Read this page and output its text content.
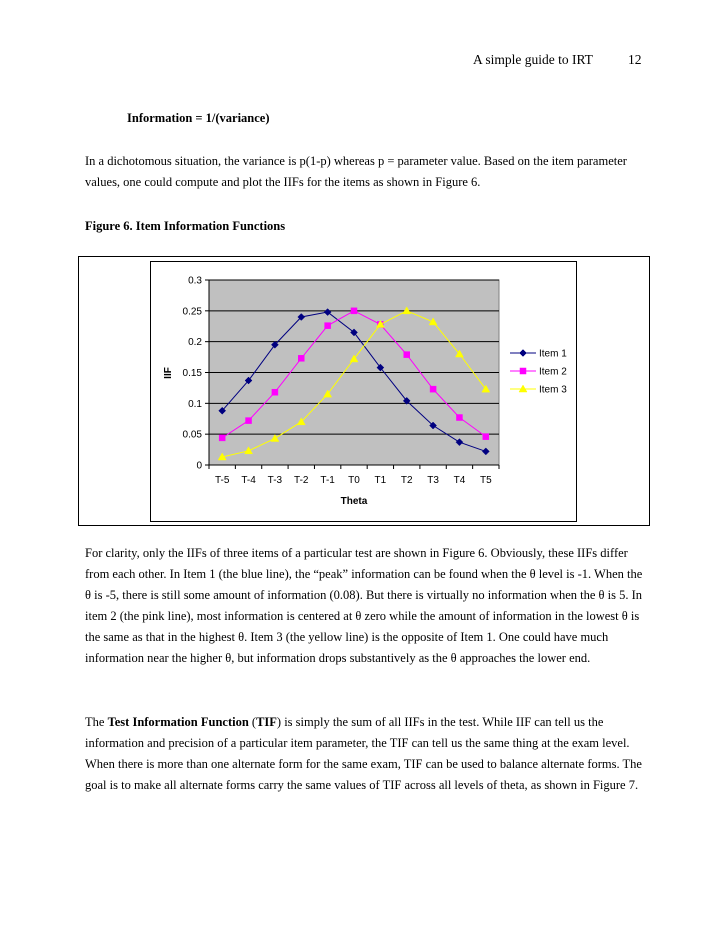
A simple guide to IRT	12
Information = 1/(variance)

In a dichotomous situation, the variance is p(1-p) whereas p = parameter value. Based on the item parameter values, one could compute and plot the IIFs for the items as shown in Figure 6.

Figure 6. Item Information Functions
0
0.05
0.1
0.15
0.2
0.25
0.3
T-5 T-4 T-3 T-2 T-1 T0 T1 T2 T3 T4 T5
Item 1
Item 2
Item 3
IIF
Theta

For clarity, only the IIFs of three items of a particular test are shown in Figure 6. Obviously, these IIFs differ from each other. In Item 1 (the blue line), the “peak” information can be found when the θ level is -1. When the θ is -5, there is still some amount of information (0.08). But there is virtually no information when the θ is 5. In item 2 (the pink line), most information is centered at θ zero while the amount of information in the lowest θ is the same as that in the highest θ. Item 3 (the yellow line) is the opposite of Item 1. One could have much information near the higher θ, but information drops substantively as the θ approaches the lower end.

The Test Information Function (TIF) is simply the sum of all IIFs in the test. While IIF can tell us the information and precision of a particular item parameter, the TIF can tell us the same thing at the exam level. When there is more than one alternate form for the same exam, TIF can be used to balance alternate forms. The goal is to make all alternate forms carry the same values of TIF across all levels of theta, as shown in Figure 7.
